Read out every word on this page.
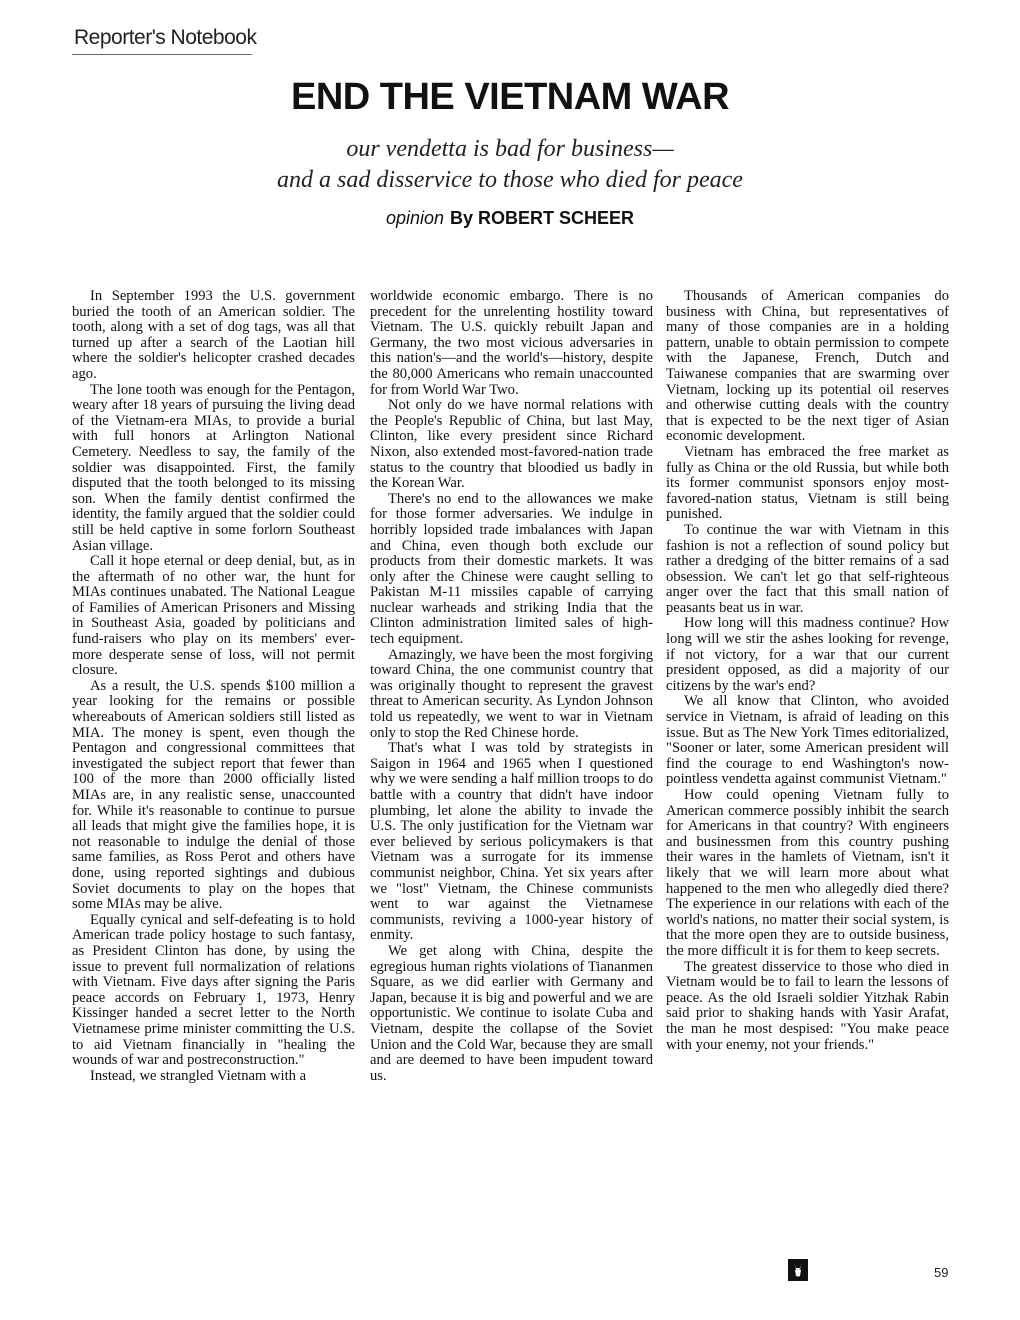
Reporter's Notebook
END THE VIETNAM WAR
our vendetta is bad for business—
and a sad disservice to those who died for peace
opinion By ROBERT SCHEER

In September 1993 the U.S. government buried the tooth of an American soldier. The tooth, along with a set of dog tags, was all that turned up after a search of the Laotian hill where the soldier's helicopter crashed decades ago.

The lone tooth was enough for the Pentagon, weary after 18 years of pursuing the living dead of the Vietnam-era MIAs, to provide a burial with full honors at Arlington National Cemetery. Needless to say, the family of the soldier was disappointed. First, the family disputed that the tooth belonged to its missing son. When the family dentist confirmed the identity, the family argued that the soldier could still be held captive in some forlorn Southeast Asian village.

Call it hope eternal or deep denial, but, as in the aftermath of no other war, the hunt for MIAs continues unabated. The National League of Families of American Prisoners and Missing in Southeast Asia, goaded by politicians and fund-raisers who play on its members' ever-more desperate sense of loss, will not permit closure.

As a result, the U.S. spends $100 million a year looking for the remains or possible whereabouts of American soldiers still listed as MIA. The money is spent, even though the Pentagon and congressional committees that investigated the subject report that fewer than 100 of the more than 2000 officially listed MIAs are, in any realistic sense, unaccounted for. While it's reasonable to continue to pursue all leads that might give the families hope, it is not reasonable to indulge the denial of those same families, as Ross Perot and others have done, using reported sightings and dubious Soviet documents to play on the hopes that some MIAs may be alive.

Equally cynical and self-defeating is to hold American trade policy hostage to such fantasy, as President Clinton has done, by using the issue to prevent full normalization of relations with Vietnam. Five days after signing the Paris peace accords on February 1, 1973, Henry Kissinger handed a secret letter to the North Vietnamese prime minister committing the U.S. to aid Vietnam financially in "healing the wounds of war and postreconstruction."

Instead, we strangled Vietnam with a

worldwide economic embargo. There is no precedent for the unrelenting hostility toward Vietnam. The U.S. quickly rebuilt Japan and Germany, the two most vicious adversaries in this nation's—and the world's—history, despite the 80,000 Americans who remain unaccounted for from World War Two.

Not only do we have normal relations with the People's Republic of China, but last May, Clinton, like every president since Richard Nixon, also extended most-favored-nation trade status to the country that bloodied us badly in the Korean War.

There's no end to the allowances we make for those former adversaries. We indulge in horribly lopsided trade imbalances with Japan and China, even though both exclude our products from their domestic markets. It was only after the Chinese were caught selling to Pakistan M-11 missiles capable of carrying nuclear warheads and striking India that the Clinton administration limited sales of high-tech equipment.

Amazingly, we have been the most forgiving toward China, the one communist country that was originally thought to represent the gravest threat to American security. As Lyndon Johnson told us repeatedly, we went to war in Vietnam only to stop the Red Chinese horde.

That's what I was told by strategists in Saigon in 1964 and 1965 when I questioned why we were sending a half million troops to do battle with a country that didn't have indoor plumbing, let alone the ability to invade the U.S. The only justification for the Vietnam war ever believed by serious policymakers is that Vietnam was a surrogate for its immense communist neighbor, China. Yet six years after we "lost" Vietnam, the Chinese communists went to war against the Vietnamese communists, reviving a 1000-year history of enmity.

We get along with China, despite the egregious human rights violations of Tiananmen Square, as we did earlier with Germany and Japan, because it is big and powerful and we are opportunistic. We continue to isolate Cuba and Vietnam, despite the collapse of the Soviet Union and the Cold War, because they are small and are deemed to have been impudent toward us.

Thousands of American companies do business with China, but representatives of many of those companies are in a holding pattern, unable to obtain permission to compete with the Japanese, French, Dutch and Taiwanese companies that are swarming over Vietnam, locking up its potential oil reserves and otherwise cutting deals with the country that is expected to be the next tiger of Asian economic development.

Vietnam has embraced the free market as fully as China or the old Russia, but while both its former communist sponsors enjoy most-favored-nation status, Vietnam is still being punished.

To continue the war with Vietnam in this fashion is not a reflection of sound policy but rather a dredging of the bitter remains of a sad obsession. We can't let go that self-righteous anger over the fact that this small nation of peasants beat us in war.

How long will this madness continue? How long will we stir the ashes looking for revenge, if not victory, for a war that our current president opposed, as did a majority of our citizens by the war's end?

We all know that Clinton, who avoided service in Vietnam, is afraid of leading on this issue. But as The New York Times editorialized, "Sooner or later, some American president will find the courage to end Washington's now-pointless vendetta against communist Vietnam."

How could opening Vietnam fully to American commerce possibly inhibit the search for Americans in that country? With engineers and businessmen from this country pushing their wares in the hamlets of Vietnam, isn't it likely that we will learn more about what happened to the men who allegedly died there? The experience in our relations with each of the world's nations, no matter their social system, is that the more open they are to outside business, the more difficult it is for them to keep secrets.

The greatest disservice to those who died in Vietnam would be to fail to learn the lessons of peace. As the old Israeli soldier Yitzhak Rabin said prior to shaking hands with Yasir Arafat, the man he most despised: "You make peace with your enemy, not your friends."

59
